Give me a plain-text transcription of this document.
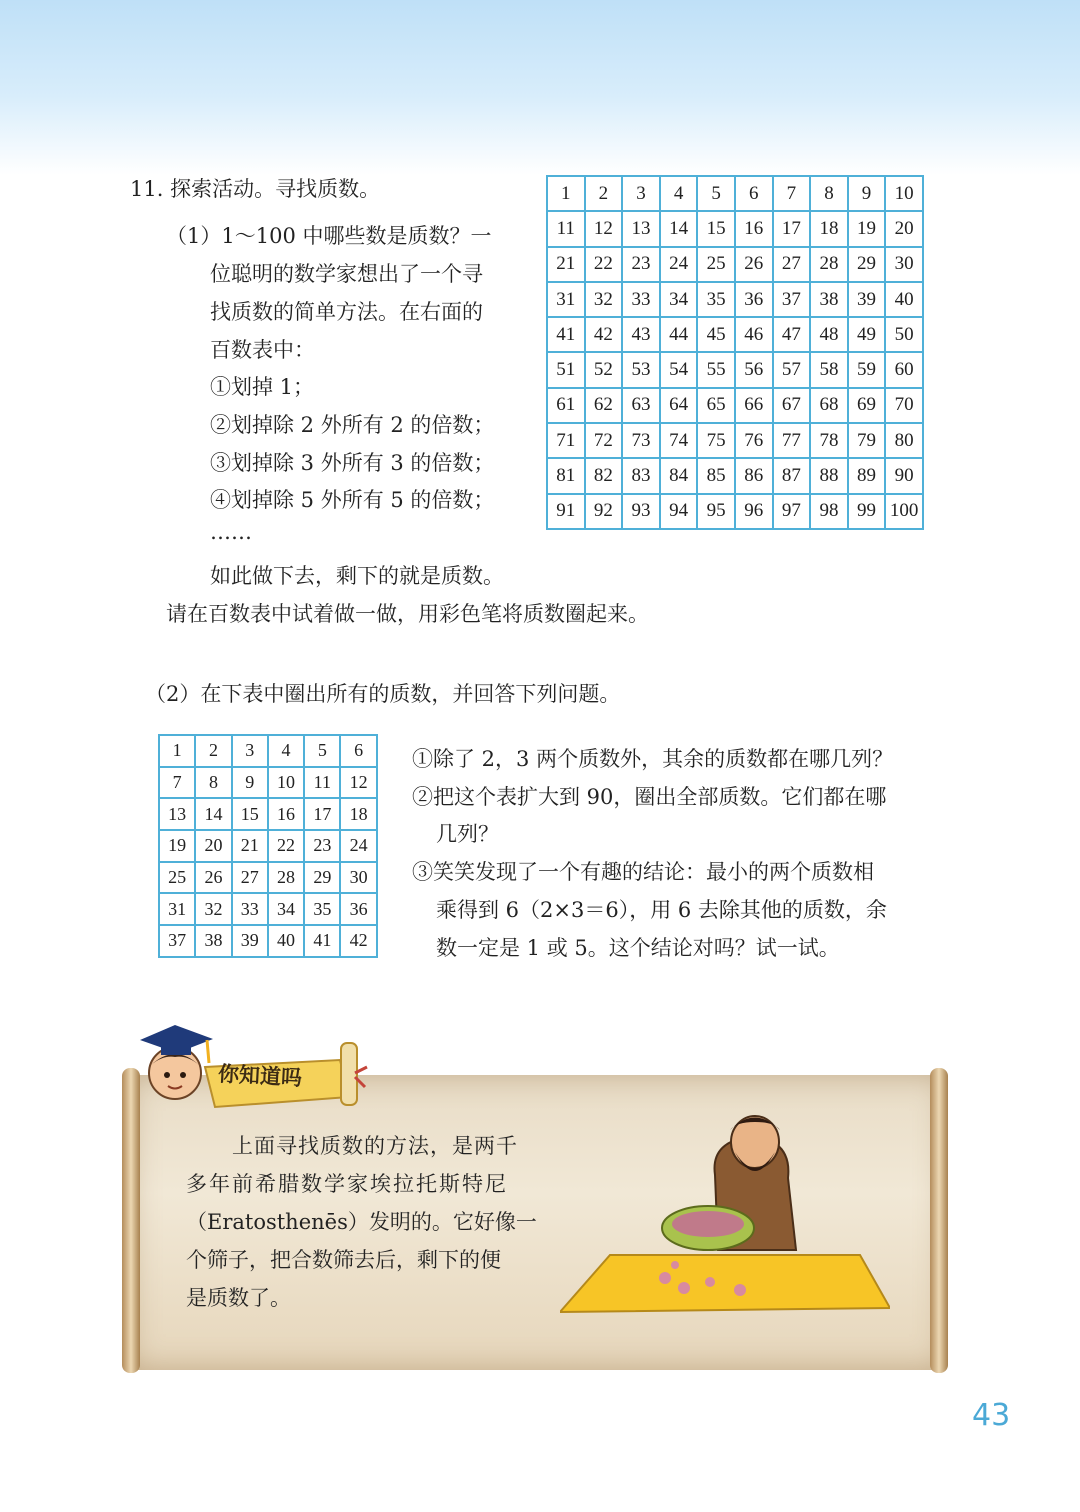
11. 探索活动。寻找质数。
（1）1～100 中哪些数是质数？一
位聪明的数学家想出了一个寻
找质数的简单方法。在右面的
百数表中：
①划掉 1；
②划掉除 2 外所有 2 的倍数；
③划掉除 3 外所有 3 的倍数；
④划掉除 5 外所有 5 的倍数；
……
如此做下去，剩下的就是质数。
请在百数表中试着做一做，用彩色笔将质数圈起来。
1	2	3	4	5	6	7	8	9	10
11	12	13	14	15	16	17	18	19	20
21	22	23	24	25	26	27	28	29	30
31	32	33	34	35	36	37	38	39	40
41	42	43	44	45	46	47	48	49	50
51	52	53	54	55	56	57	58	59	60
61	62	63	64	65	66	67	68	69	70
71	72	73	74	75	76	77	78	79	80
81	82	83	84	85	86	87	88	89	90
91	92	93	94	95	96	97	98	99	100
（2）在下表中圈出所有的质数，并回答下列问题。
1	2	3	4	5	6
7	8	9	10	11	12
13	14	15	16	17	18
19	20	21	22	23	24
25	26	27	28	29	30
31	32	33	34	35	36
37	38	39	40	41	42
①除了 2，3 两个质数外，其余的质数都在哪几列？
②把这个表扩大到 90，圈出全部质数。它们都在哪
几列？
③笑笑发现了一个有趣的结论：最小的两个质数相
乘得到 6（2×3＝6），用 6 去除其他的质数，余
数一定是 1 或 5。这个结论对吗？试一试。
你知道吗
上面寻找质数的方法，是两千
多年前希腊数学家埃拉托斯特尼
（Eratosthenēs）发明的。它好像一
个筛子，把合数筛去后，剩下的便
是质数了。
43
